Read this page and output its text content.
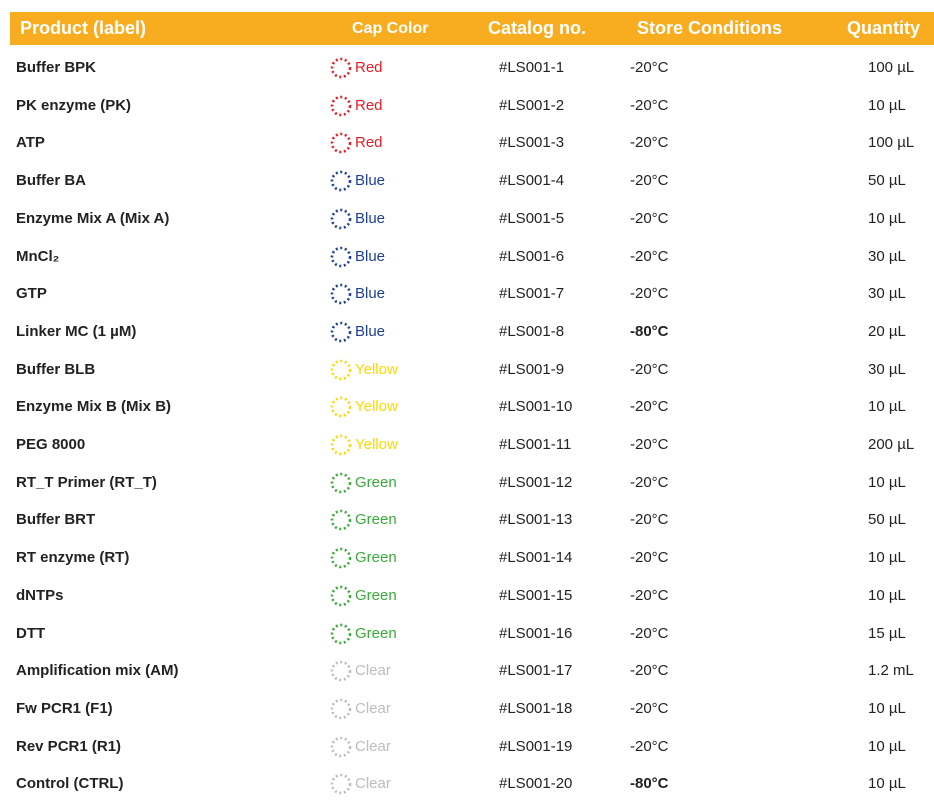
Product (label)	Cap Color	Catalog no.	Store Conditions	Quantity
Buffer BPK	Red	#LS001-1	-20°C	100 µL
PK enzyme (PK)	Red	#LS001-2	-20°C	10 µL
ATP	Red	#LS001-3	-20°C	100 µL
Buffer BA	Blue	#LS001-4	-20°C	50 µL
Enzyme Mix A (Mix A)	Blue	#LS001-5	-20°C	10 µL
MnCl₂	Blue	#LS001-6	-20°C	30 µL
GTP	Blue	#LS001-7	-20°C	30 µL
Linker MC (1 µM)	Blue	#LS001-8	-80°C	20 µL
Buffer BLB	Yellow	#LS001-9	-20°C	30 µL
Enzyme Mix B (Mix B)	Yellow	#LS001-10	-20°C	10 µL
PEG 8000	Yellow	#LS001-11	-20°C	200 µL
RT_T Primer (RT_T)	Green	#LS001-12	-20°C	10 µL
Buffer BRT	Green	#LS001-13	-20°C	50 µL
RT enzyme (RT)	Green	#LS001-14	-20°C	10 µL
dNTPs	Green	#LS001-15	-20°C	10 µL
DTT	Green	#LS001-16	-20°C	15 µL
Amplification mix (AM)	Clear	#LS001-17	-20°C	1.2 mL
Fw PCR1 (F1)	Clear	#LS001-18	-20°C	10 µL
Rev PCR1 (R1)	Clear	#LS001-19	-20°C	10 µL
Control (CTRL)	Clear	#LS001-20	-80°C	10 µL
